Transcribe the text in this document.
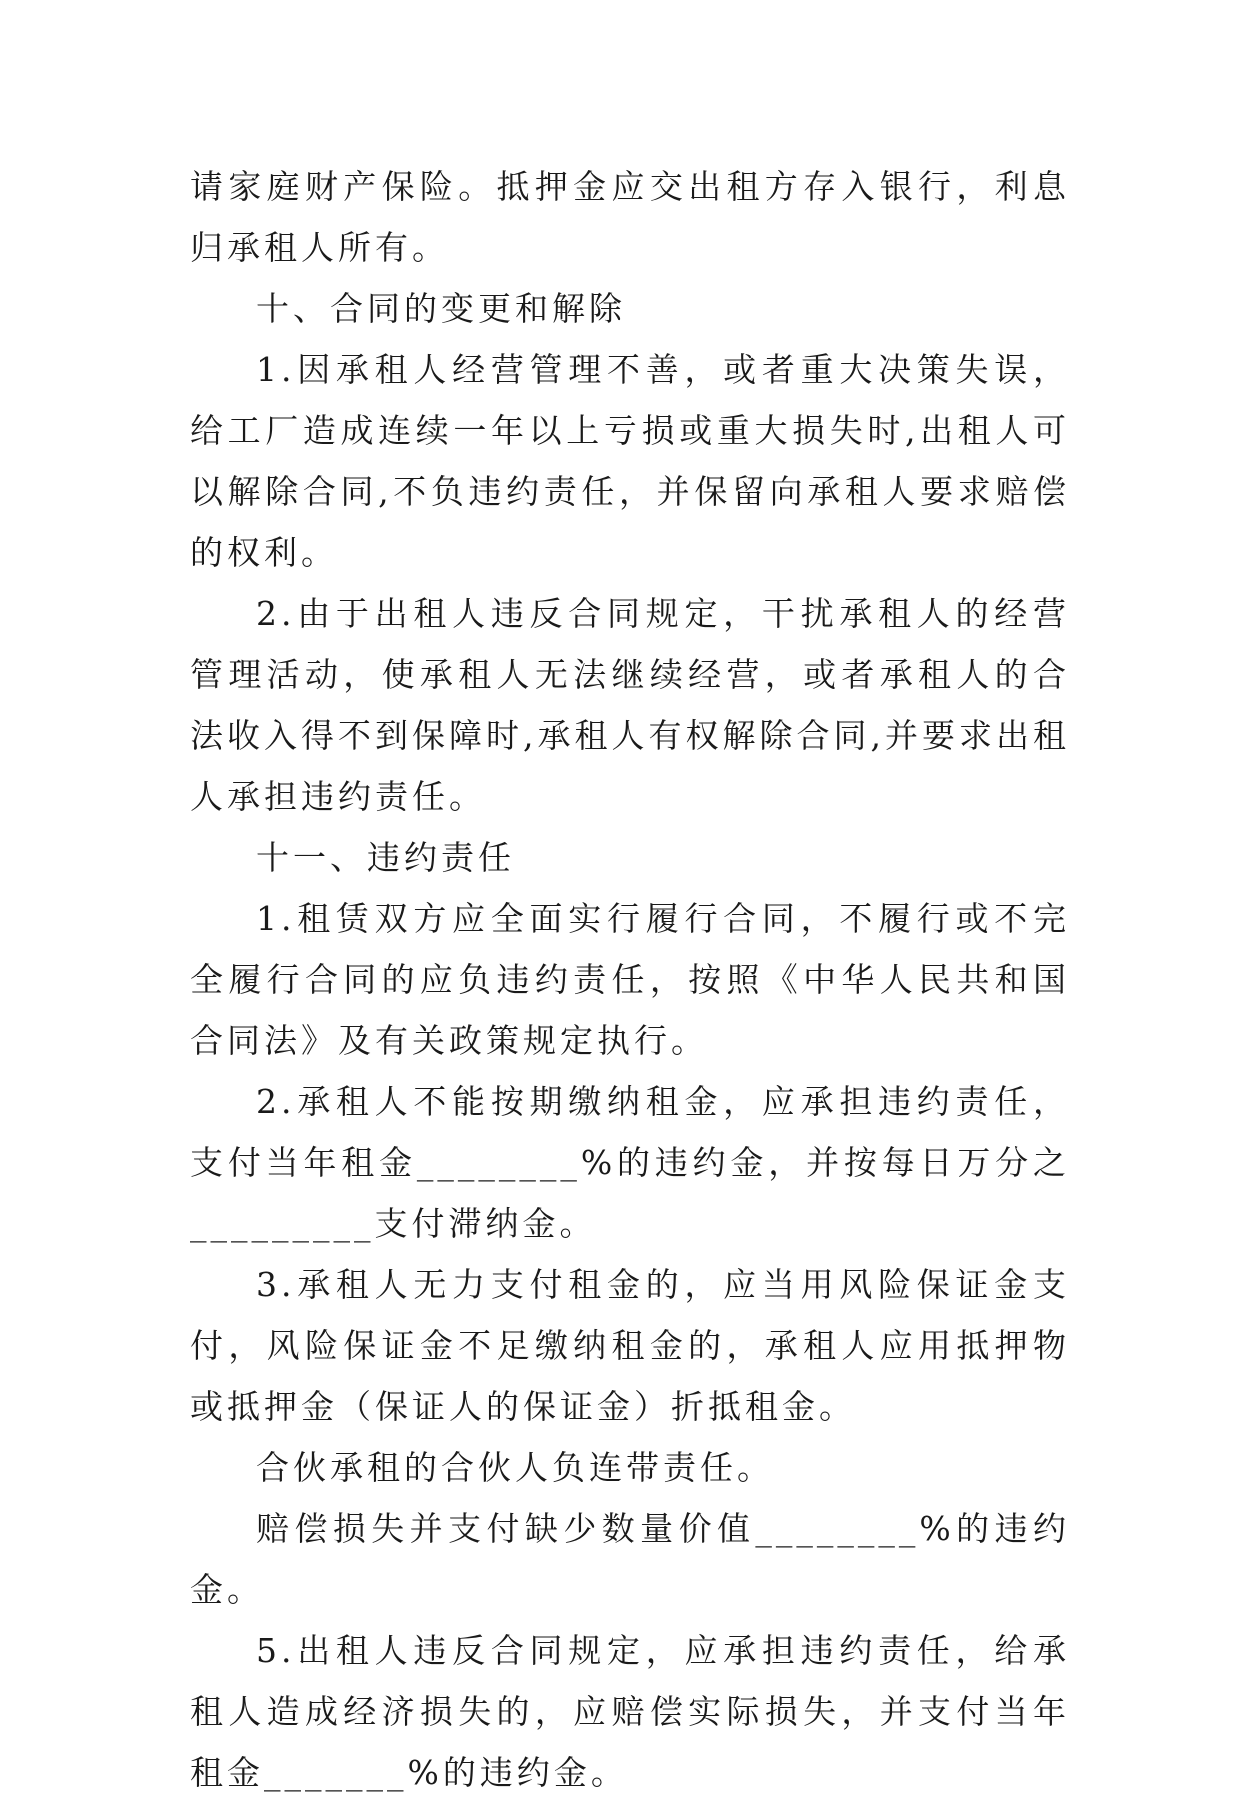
请家庭财产保险。抵押金应交出租方存入银行，利息归承租人所有。

十、合同的变更和解除

1.因承租人经营管理不善，或者重大决策失误，给工厂造成连续一年以上亏损或重大损失时,出租人可以解除合同,不负违约责任，并保留向承租人要求赔偿的权利。

2.由于出租人违反合同规定，干扰承租人的经营管理活动，使承租人无法继续经营，或者承租人的合法收入得不到保障时,承租人有权解除合同,并要求出租人承担违约责任。

十一、违约责任

1.租赁双方应全面实行履行合同，不履行或不完全履行合同的应负违约责任，按照《中华人民共和国合同法》及有关政策规定执行。

2.承租人不能按期缴纳租金，应承担违约责任，支付当年租金________%的违约金，并按每日万分之_________支付滞纳金。

3.承租人无力支付租金的，应当用风险保证金支付，风险保证金不足缴纳租金的，承租人应用抵押物或抵押金（保证人的保证金）折抵租金。

合伙承租的合伙人负连带责任。

赔偿损失并支付缺少数量价值________%的违约金。

5.出租人违反合同规定，应承担违约责任，给承租人造成经济损失的，应赔偿实际损失，并支付当年租金_______%的违约金。
